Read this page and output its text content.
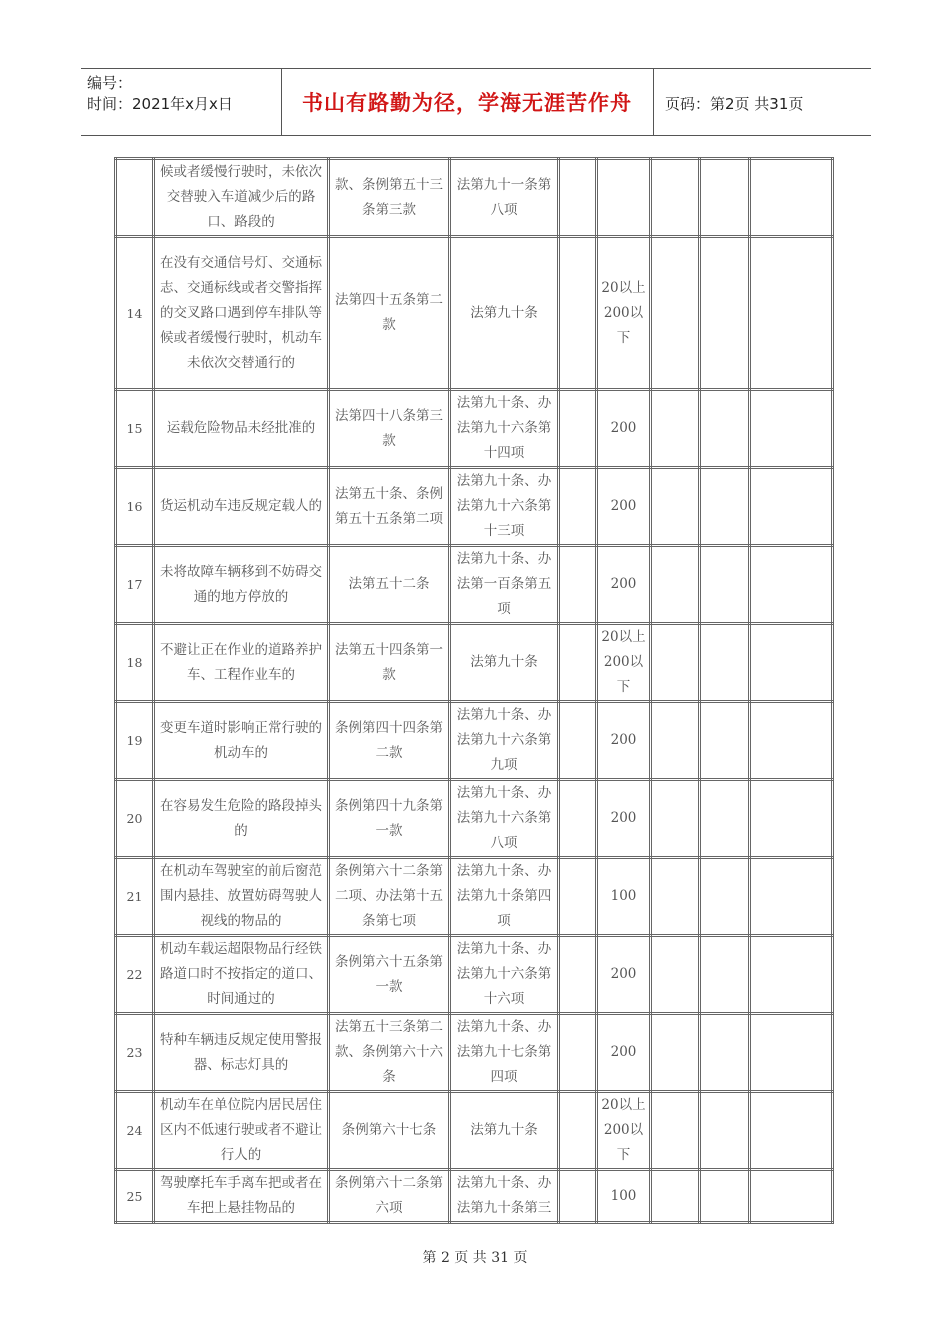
编号：
时间：2021年x月x日	书山有路勤为径，学海无涯苦作舟	页码：第2页 共31页

	候或者缓慢行驶时，未依次交替驶入车道减少后的路口、路段的	款、条例第五十三条第三款	法第九十一条第八项					

14	在没有交通信号灯、交通标志、交通标线或者交警指挥的交叉路口遇到停车排队等候或者缓慢行驶时，机动车未依次交替通行的	法第四十五条第二款	法第九十条		20以上200以下			

15	运载危险物品未经批准的	法第四十八条第三款	法第九十条、办法第九十六条第十四项		200			

16	货运机动车违反规定载人的	法第五十条、条例第五十五条第二项	法第九十条、办法第九十六条第十三项		200			

17	未将故障车辆移到不妨碍交通的地方停放的	法第五十二条	法第九十条、办法第一百条第五项		200			

18	不避让正在作业的道路养护车、工程作业车的	法第五十四条第一款	法第九十条		20以上200以下			

19	变更车道时影响正常行驶的机动车的	条例第四十四条第二款	法第九十条、办法第九十六条第九项		200			

20	在容易发生危险的路段掉头的	条例第四十九条第一款	法第九十条、办法第九十六条第八项		200			

21	在机动车驾驶室的前后窗范围内悬挂、放置妨碍驾驶人视线的物品的	条例第六十二条第二项、办法第十五条第七项	法第九十条、办法第九十条第四项		100			

22	机动车载运超限物品行经铁路道口时不按指定的道口、时间通过的	条例第六十五条第一款	法第九十条、办法第九十六条第十六项		200			

23	特种车辆违反规定使用警报器、标志灯具的	法第五十三条第二款、条例第六十六条	法第九十条、办法第九十七条第四项		200			

24	机动车在单位院内居民居住区内不低速行驶或者不避让行人的	条例第六十七条	法第九十条		20以上200以下			

25	驾驶摩托车手离车把或者在车把上悬挂物品的	条例第六十二条第六项	法第九十条、办法第九十条第三		100			

第 2 页 共 31 页
